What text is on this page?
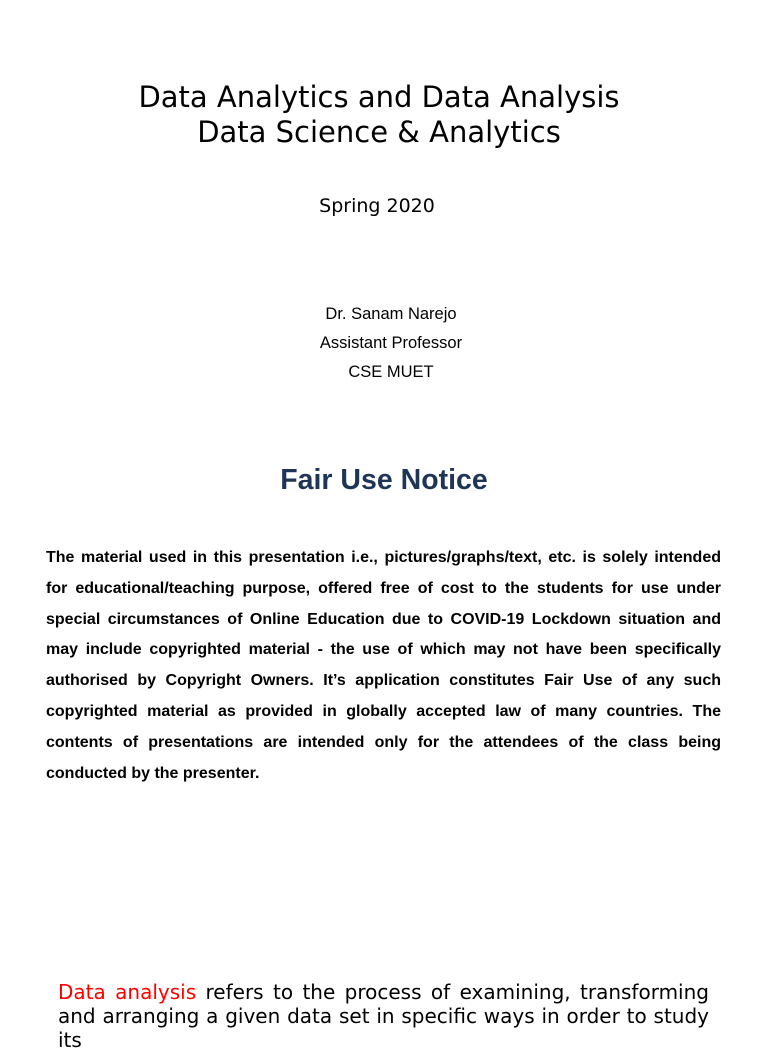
Data Analytics and Data Analysis
Data Science & Analytics
Spring 2020
Dr. Sanam Narejo
Assistant Professor
CSE MUET
Fair Use Notice
The material used in this presentation i.e., pictures/graphs/text, etc. is solely intended for educational/teaching purpose, offered free of cost to the students for use under special circumstances of Online Education due to COVID-19 Lockdown situation and may include copyrighted material - the use of which may not have been specifically authorised by Copyright Owners. It’s application constitutes Fair Use of any such copyrighted material as provided in globally accepted law of many countries. The contents of presentations are intended only for the attendees of the class being conducted by the presenter.
Data analysis refers to the process of examining, transforming and arranging a given data set in specific ways in order to study its
